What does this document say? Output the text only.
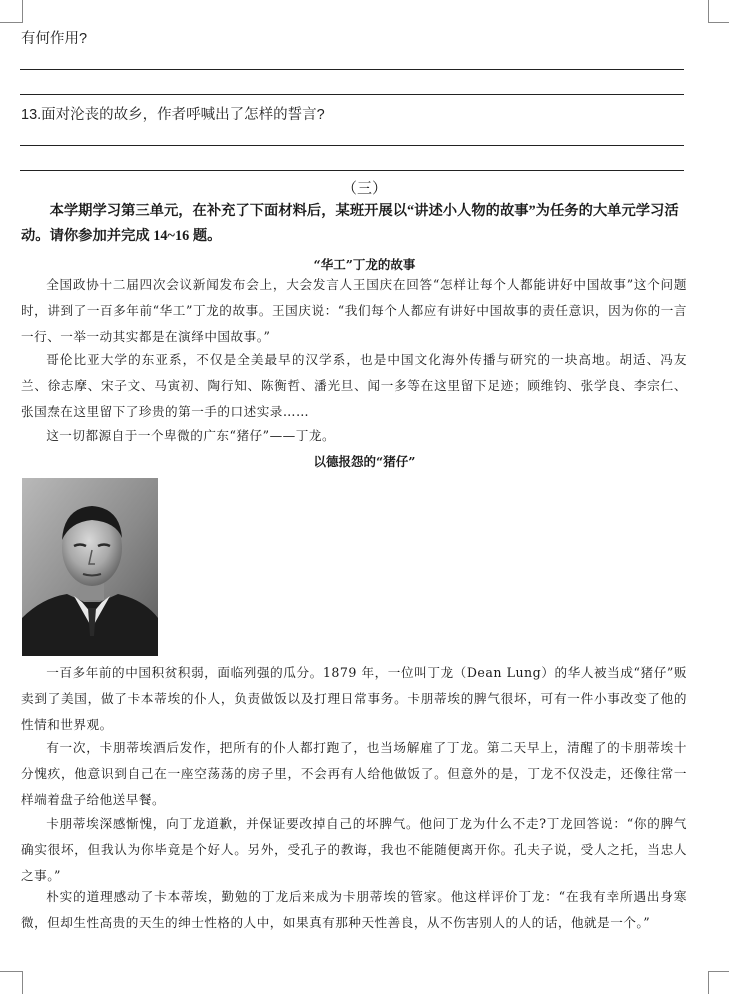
有何作用?
13.面对沦丧的故乡，作者呼喊出了怎样的誓言?
（三）
本学期学习第三单元，在补充了下面材料后，某班开展以“讲述小人物的故事”为任务的大单元学习活动。请你参加并完成 14~16 题。
“华工”丁龙的故事
全国政协十二届四次会议新闻发布会上，大会发言人王国庆在回答“怎样让每个人都能讲好中国故事”这个问题时，讲到了一百多年前“华工”丁龙的故事。王国庆说：“我们每个人都应有讲好中国故事的责任意识，因为你的一言一行、一举一动其实都是在演绎中国故事。”
哥伦比亚大学的东亚系，不仅是全美最早的汉学系，也是中国文化海外传播与研究的一块高地。胡适、冯友兰、徐志摩、宋子文、马寅初、陶行知、陈衡哲、潘光旦、闻一多等在这里留下足迹；顾维钧、张学良、李宗仁、张国焘在这里留下了珍贵的第一手的口述实录……
这一切都源自于一个卑微的广东“猪仔”——丁龙。
以德报怨的“猪仔”
一百多年前的中国积贫积弱，面临列强的瓜分。1879 年，一位叫丁龙（Dean Lung）的华人被当成“猪仔”贩卖到了美国，做了卡本蒂埃的仆人，负责做饭以及打理日常事务。卡朋蒂埃的脾气很坏，可有一件小事改变了他的性情和世界观。
有一次，卡朋蒂埃酒后发作，把所有的仆人都打跑了，也当场解雇了丁龙。第二天早上，清醒了的卡朋蒂埃十分愧疚，他意识到自己在一座空荡荡的房子里，不会再有人给他做饭了。但意外的是，丁龙不仅没走，还像往常一样端着盘子给他送早餐。
卡朋蒂埃深感惭愧，向丁龙道歉，并保证要改掉自己的坏脾气。他问丁龙为什么不走?丁龙回答说：“你的脾气确实很坏，但我认为你毕竟是个好人。另外，受孔子的教诲，我也不能随便离开你。孔夫子说，受人之托，当忠人之事。”
朴实的道理感动了卡本蒂埃，勤勉的丁龙后来成为卡朋蒂埃的管家。他这样评价丁龙：“在我有幸所遇出身寒微，但却生性高贵的天生的绅士性格的人中，如果真有那种天性善良，从不伤害别人的人的话，他就是一个。”
